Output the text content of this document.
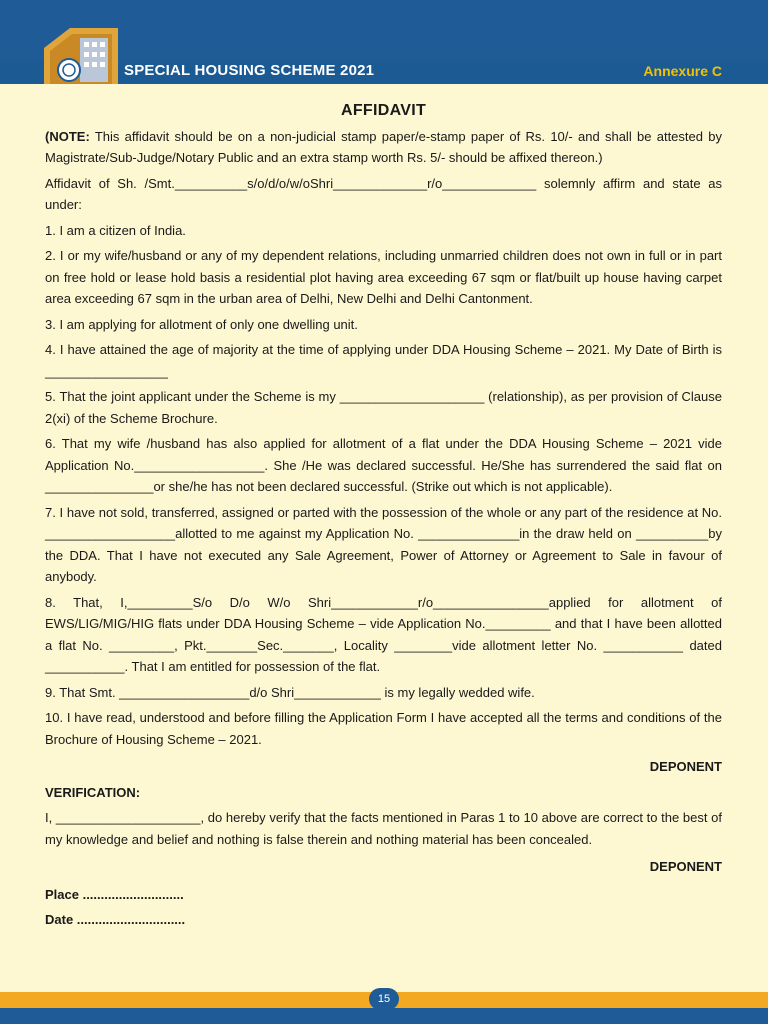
SPECIAL HOUSING SCHEME 2021	Annexure C
AFFIDAVIT

(NOTE: This affidavit should be on a non-judicial stamp paper/e-stamp paper of Rs. 10/- and shall be attested by Magistrate/Sub-Judge/Notary Public and an extra stamp worth Rs. 5/- should be affixed thereon.)

Affidavit of Sh. /Smt.__________s/o/d/o/w/oShri_____________r/o_____________ solemnly affirm and state as under:

1. I am a citizen of India.

2. I or my wife/husband or any of my dependent relations, including unmarried children does not own in full or in part on free hold or lease hold basis a residential plot having area exceeding 67 sqm or flat/built up house having carpet area exceeding 67 sqm in the urban area of Delhi, New Delhi and Delhi Cantonment.

3. I am applying for allotment of only one dwelling unit.

4. I have attained the age of majority at the time of applying under DDA Housing Scheme – 2021. My Date of Birth is _________________

5. That the joint applicant under the Scheme is my ____________________ (relationship), as per provision of Clause 2(xi) of the Scheme Brochure.

6. That my wife /husband has also applied for allotment of a flat under the DDA Housing Scheme – 2021 vide Application No.__________________. She /He was declared successful. He/She has surrendered the said flat on _______________or she/he has not been declared successful. (Strike out which is not applicable).

7. I have not sold, transferred, assigned or parted with the possession of the whole or any part of the residence at No. __________________allotted to me against my Application No. ______________in the draw held on __________by the DDA. That I have not executed any Sale Agreement, Power of Attorney or Agreement to Sale in favour of anybody.

8. That, I,_________S/o D/o W/o Shri____________r/o________________applied for allotment of EWS/LIG/MIG/HIG flats under DDA Housing Scheme – vide Application No._________ and that I have been allotted a flat No. _________, Pkt._______Sec._______, Locality ________vide allotment letter No. ___________ dated ___________. That I am entitled for possession of the flat.

9. That Smt. __________________d/o Shri____________ is my legally wedded wife.

10. I have read, understood and before filling the Application Form I have accepted all the terms and conditions of the Brochure of Housing Scheme – 2021.

DEPONENT

VERIFICATION:

I, ____________________, do hereby verify that the facts mentioned in Paras 1 to 10 above are correct to the best of my knowledge and belief and nothing is false therein and nothing material has been concealed.

DEPONENT

Place ............................

Date ..............................

15
